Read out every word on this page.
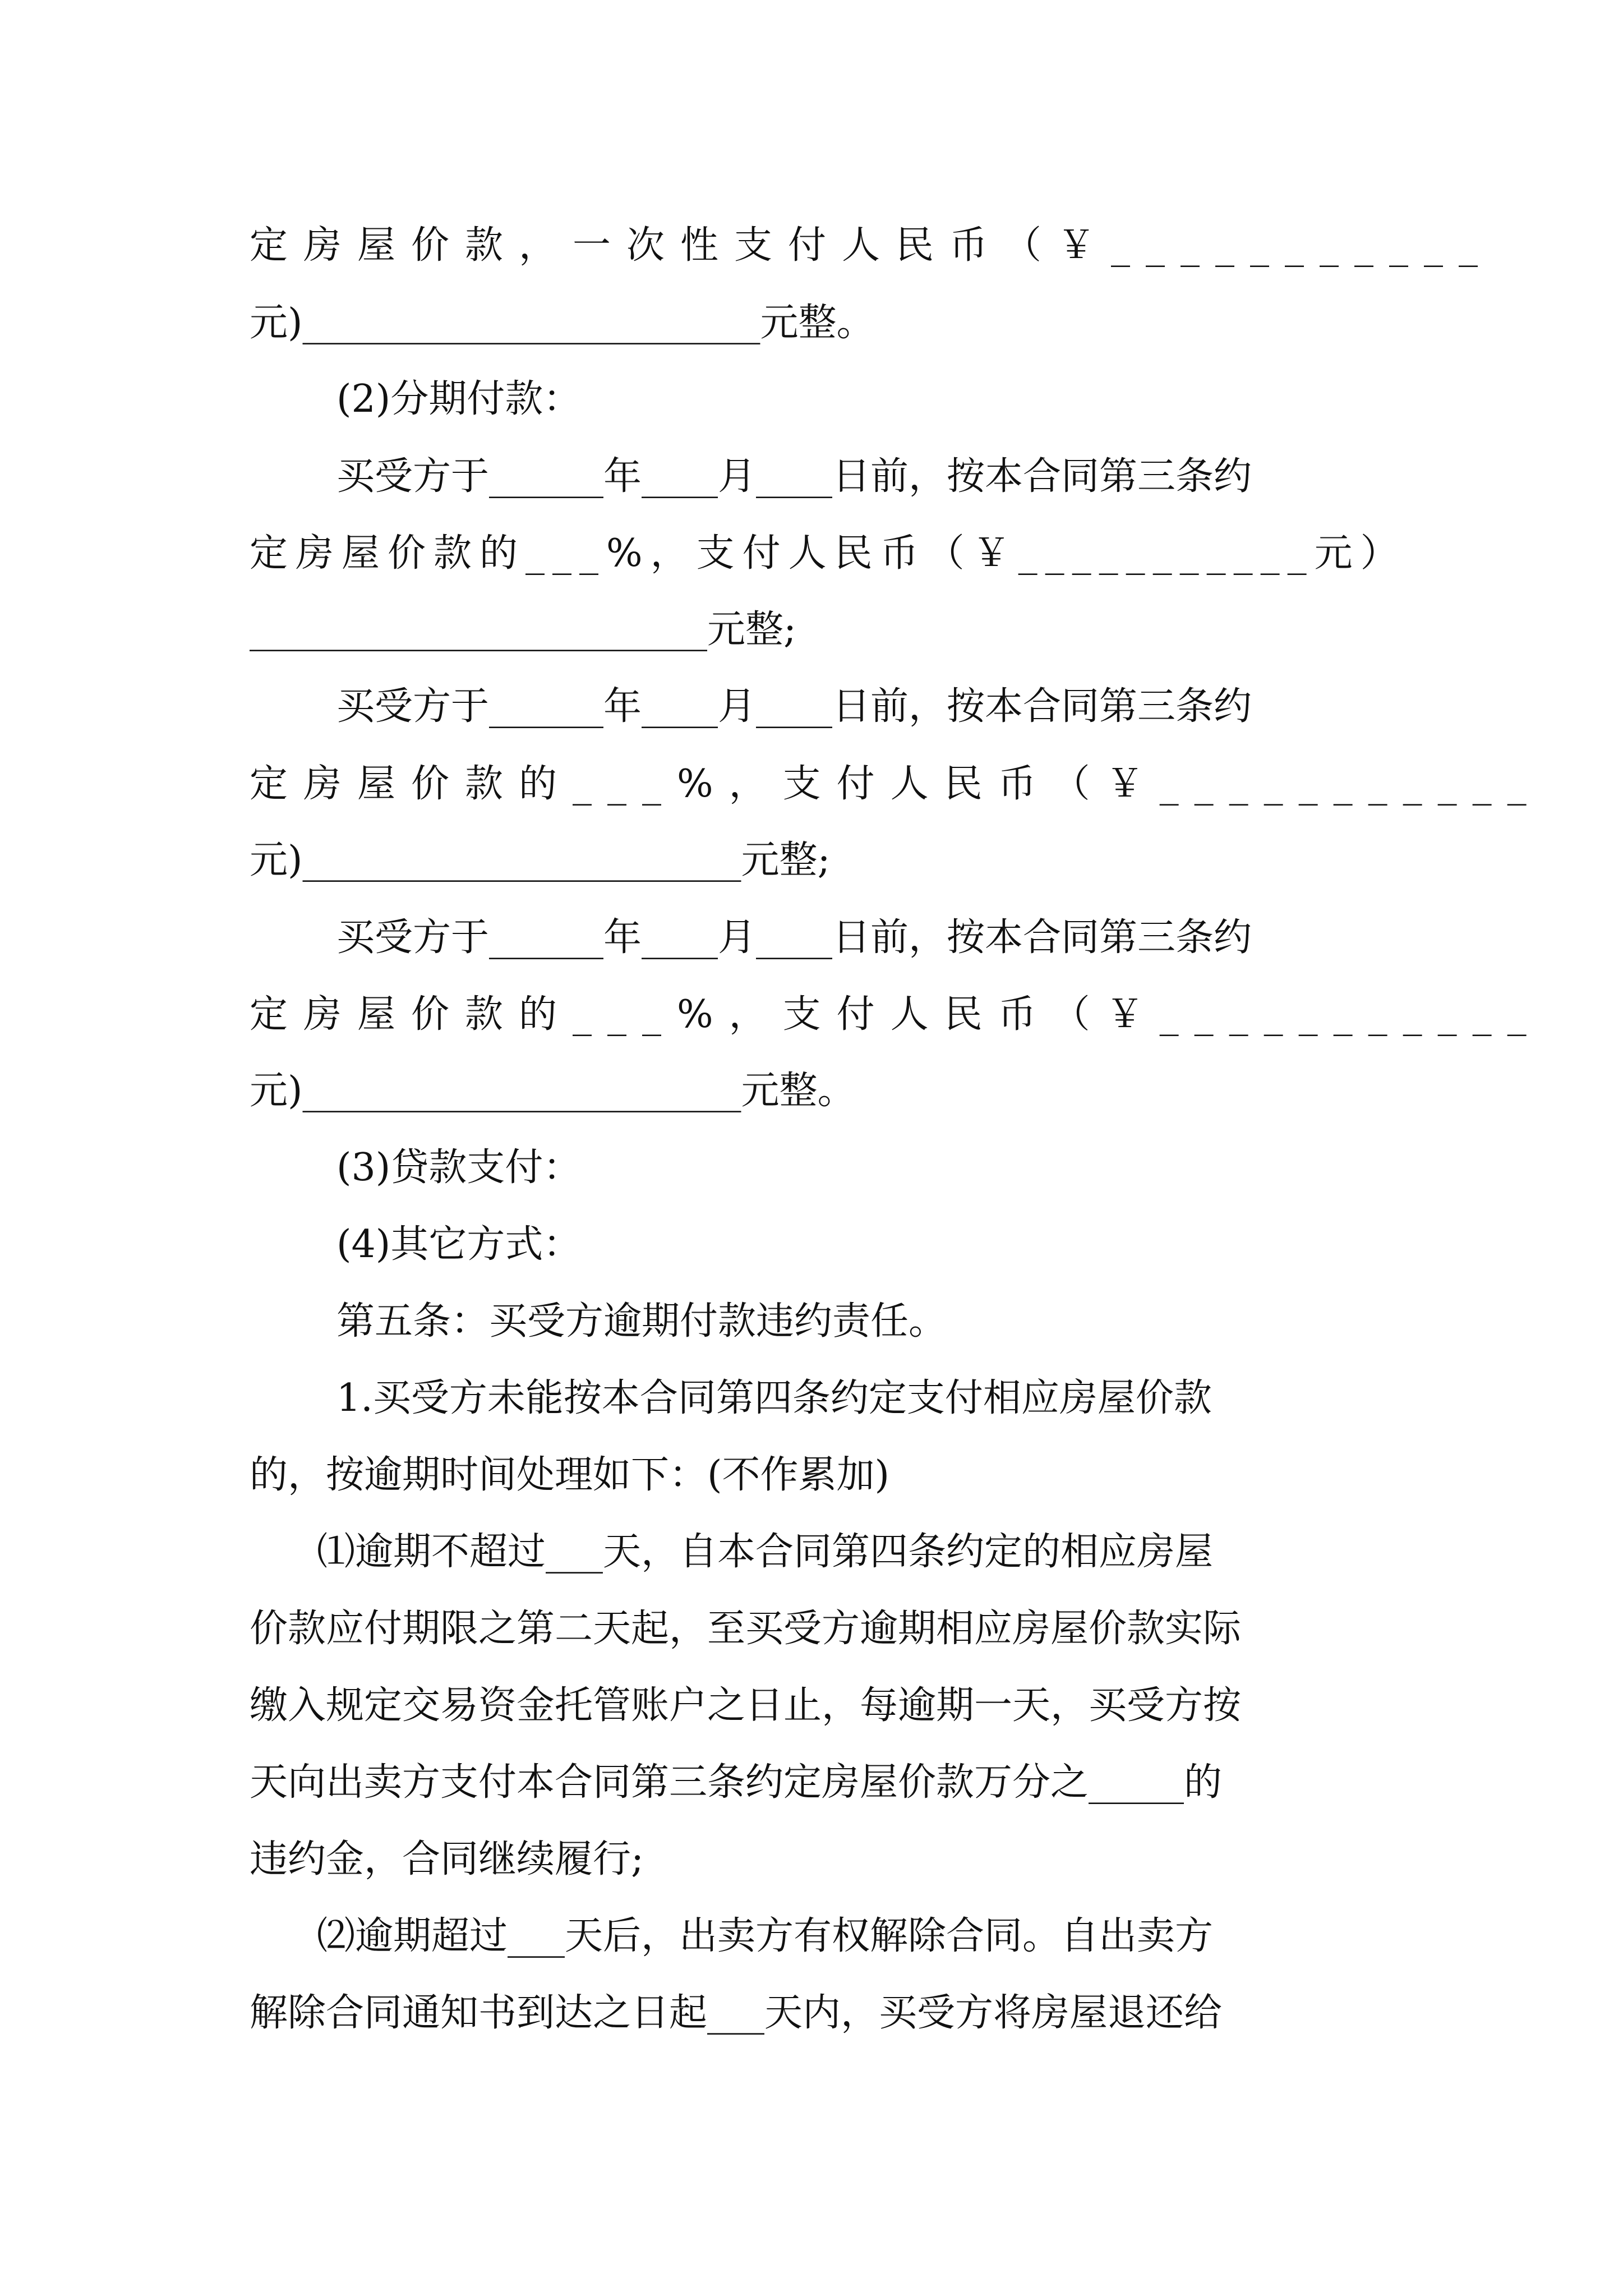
定房屋价款，一次性支付人民币（￥___________
元)________________________元整。
(2)分期付款：
买受方于______年____月____日前，按本合同第三条约
定房屋价款的___%，支付人民币（￥___________元）
________________________元整;
买受方于______年____月____日前，按本合同第三条约
定房屋价款的___%，支付人民币（￥___________
元)_______________________元整;
买受方于______年____月____日前，按本合同第三条约
定房屋价款的___%，支付人民币（￥___________
元)_______________________元整。
(3)贷款支付：
(4)其它方式：
第五条：买受方逾期付款违约责任。
1.买受方未能按本合同第四条约定支付相应房屋价款
的，按逾期时间处理如下：(不作累加)
⑴逾期不超过___天，自本合同第四条约定的相应房屋
价款应付期限之第二天起，至买受方逾期相应房屋价款实际
缴入规定交易资金托管账户之日止，每逾期一天，买受方按
天向出卖方支付本合同第三条约定房屋价款万分之_____的
违约金，合同继续履行;
⑵逾期超过___天后，出卖方有权解除合同。自出卖方
解除合同通知书到达之日起___天内，买受方将房屋退还给
